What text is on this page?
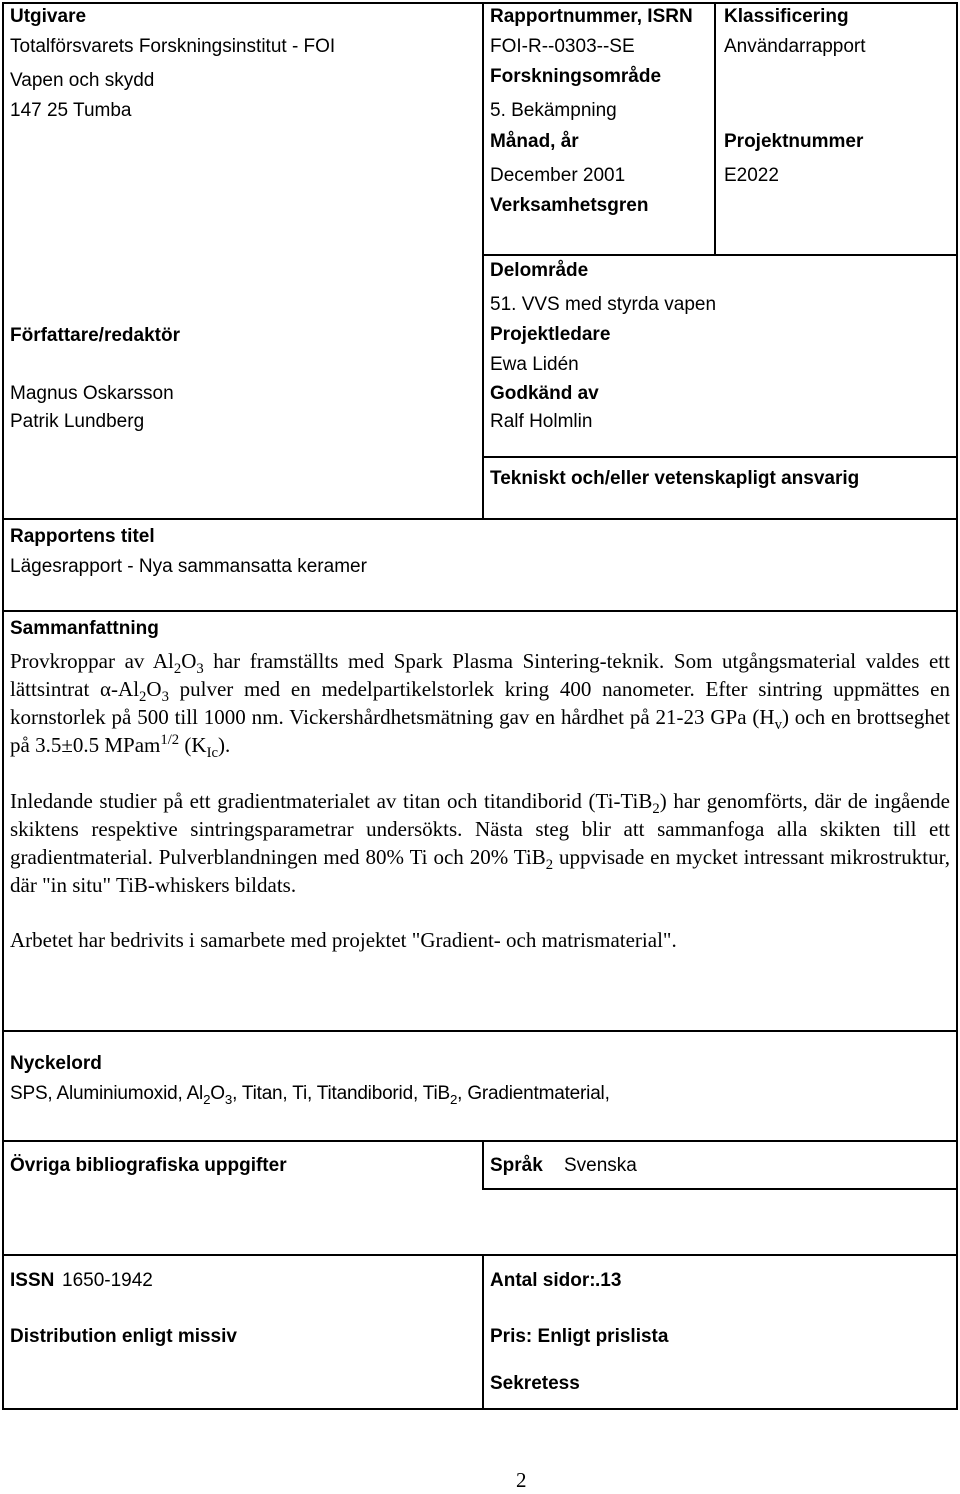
Utgivare
Totalförsvarets Forskningsinstitut - FOI
Vapen och skydd
147 25 Tumba
Rapportnummer, ISRN
FOI-R--0303--SE
Forskningsområde
5. Bekämpning
Månad, år
December 2001
Verksamhetsgren
Klassificering
Användarrapport
Projektnummer
E2022
Delområde
51. VVS med styrda vapen
Projektledare
Ewa Lidén
Godkänd av
Ralf Holmlin
Tekniskt och/eller vetenskapligt ansvarig
Författare/redaktör
Magnus Oskarsson
Patrik Lundberg
Rapportens titel
Lägesrapport - Nya sammansatta keramer
Sammanfattning

Provkroppar av $Al_2O_3$ har framställts med Spark Plasma Sintering-teknik. Som utgångsmaterial valdes ett lättsintrat $\alpha-Al_2O_3$ pulver med en medelpartikelstorlek kring 400 nanometer. Efter sintring uppmättes en kornstorlek på 500 till 1000 nm. Vickershårdhetsmätning gav en hårdhet på 21-23 GPa $(H_v)$ och en brottseghet på 3.5±0.5 MPam$^{1/2}$ $(K_{Ic})$.

Inledande studier på ett gradientmaterialet av titan och titandiborid (Ti-TiB$_2$) har genomförts, där de ingående skiktens respektive sintringsparametrar undersökts. Nästa steg blir att sammanfoga alla skikten till ett gradientmaterial. Pulverblandningen med 80% Ti och 20% TiB$_2$ uppvisade en mycket intressant mikrostruktur, där "in situ" TiB-whiskers bildats.

Arbetet har bedrivits i samarbete med projektet "Gradient- och matrismaterial".

Nyckelord
SPS, Aluminiumoxid, $Al_2O_3$, Titan, Ti, Titandiborid, TiB$_2$, Gradientmaterial,
Övriga bibliografiska uppgifter	Språk Svenska
ISSN 1650-1942	Antal sidor: .13
Distribution enligt missiv	Pris: Enligt prislista
Sekretess
2
